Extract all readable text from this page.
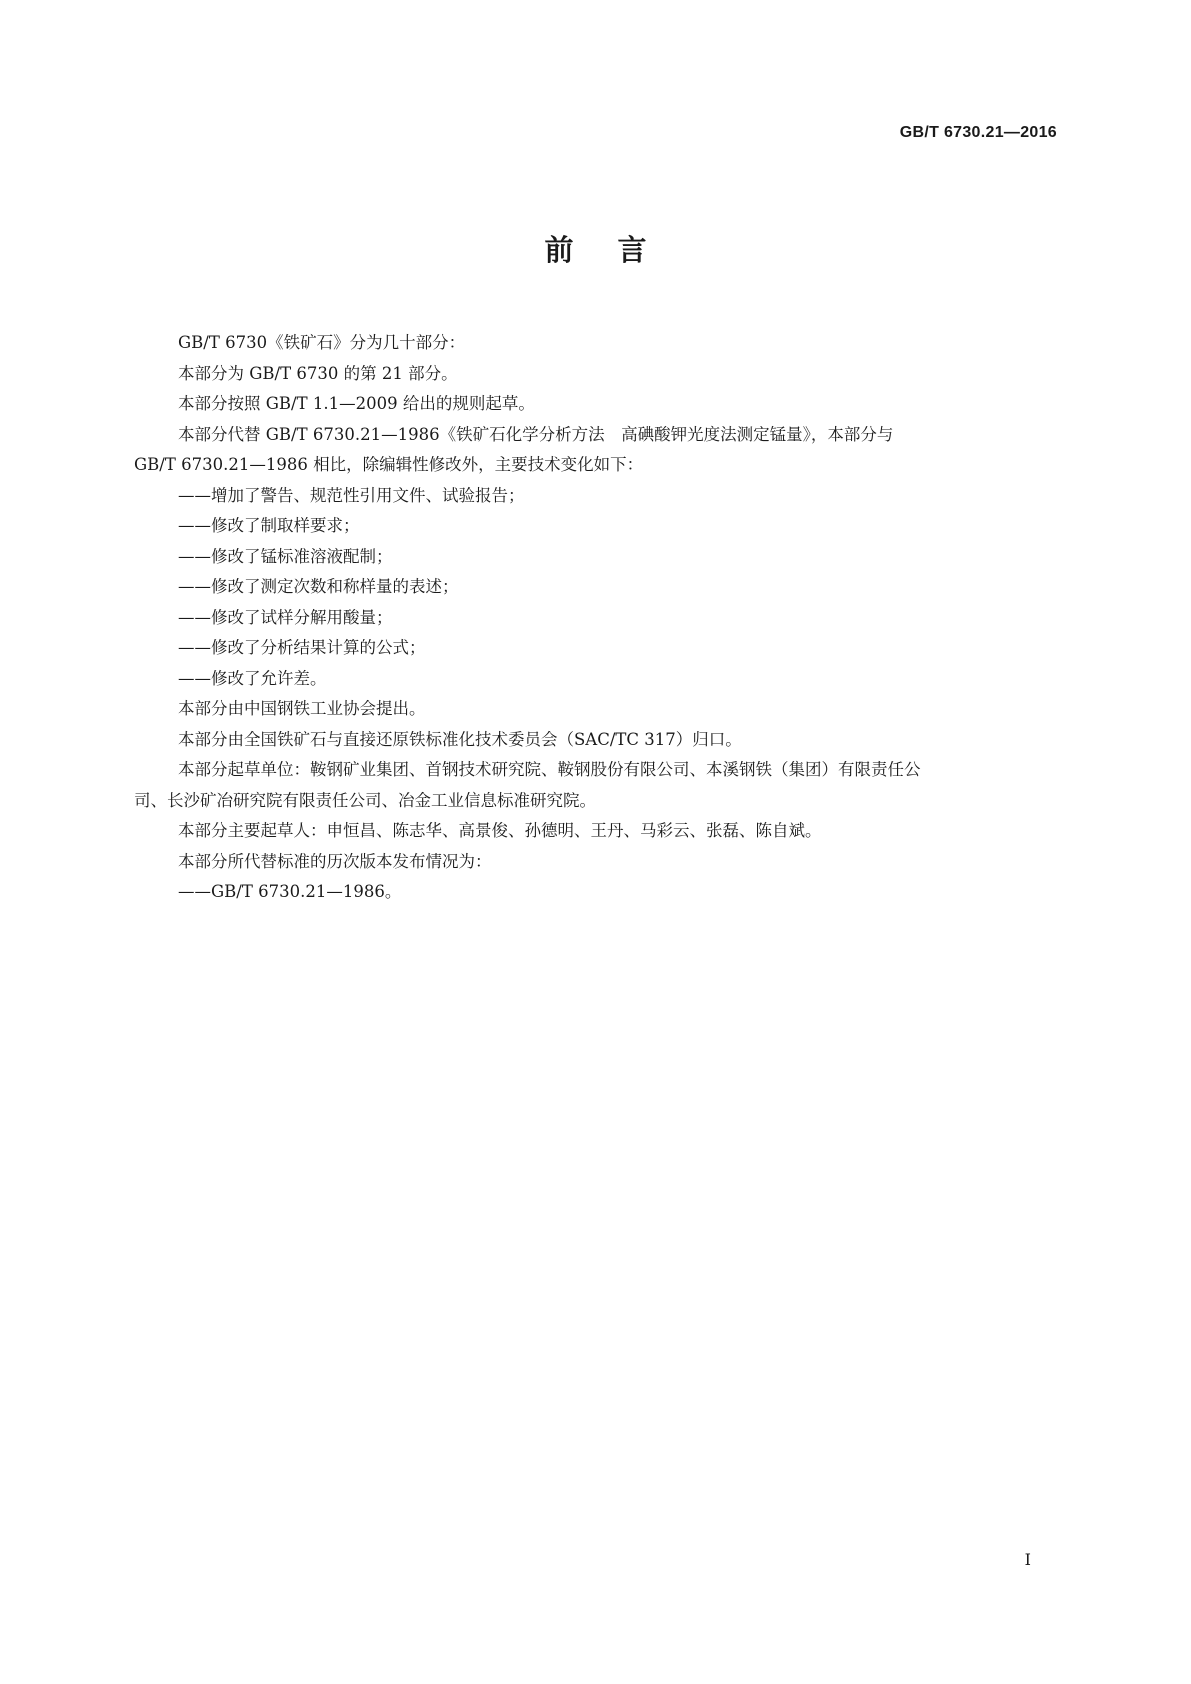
GB/T 6730.21—2016
前言

GB/T 6730《铁矿石》分为几十部分：

本部分为 GB/T 6730 的第 21 部分。

本部分按照 GB/T 1.1—2009 给出的规则起草。

本部分代替 GB/T 6730.21—1986《铁矿石化学分析方法　高碘酸钾光度法测定锰量》，本部分与

GB/T 6730.21—1986 相比，除编辑性修改外，主要技术变化如下：

——增加了警告、规范性引用文件、试验报告；

——修改了制取样要求；

——修改了锰标准溶液配制；

——修改了测定次数和称样量的表述；

——修改了试样分解用酸量；

——修改了分析结果计算的公式；

——修改了允许差。

本部分由中国钢铁工业协会提出。

本部分由全国铁矿石与直接还原铁标准化技术委员会（SAC/TC 317）归口。

本部分起草单位：鞍钢矿业集团、首钢技术研究院、鞍钢股份有限公司、本溪钢铁（集团）有限责任公

司、长沙矿冶研究院有限责任公司、冶金工业信息标准研究院。

本部分主要起草人：申恒昌、陈志华、高景俊、孙德明、王丹、马彩云、张磊、陈自斌。

本部分所代替标准的历次版本发布情况为：

——GB/T 6730.21—1986。

I
